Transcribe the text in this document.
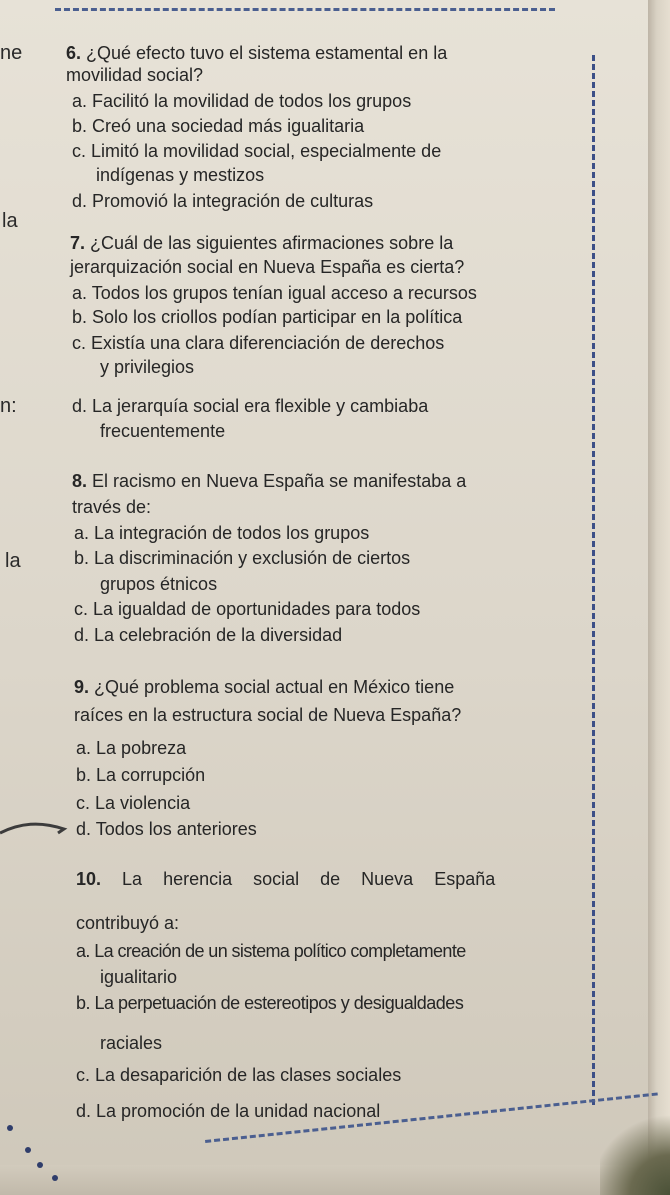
ne
la
n:
la
6. ¿Qué efecto tuvo el sistema estamental en la
movilidad social?
a. Facilitó la movilidad de todos los grupos
b. Creó una sociedad más igualitaria
c. Limitó la movilidad social, especialmente de
indígenas y mestizos
d. Promovió la integración de culturas
7. ¿Cuál de las siguientes afirmaciones sobre la
jerarquización social en Nueva España es cierta?
a. Todos los grupos tenían igual acceso a recursos
b. Solo los criollos podían participar en la política
c. Existía una clara diferenciación de derechos
y privilegios
d. La jerarquía social era flexible y cambiaba
frecuentemente
8. El racismo en Nueva España se manifestaba a
través de:
a. La integración de todos los grupos
b. La discriminación y exclusión de ciertos
grupos étnicos
c. La igualdad de oportunidades para todos
d. La celebración de la diversidad
9. ¿Qué problema social actual en México tiene
raíces en la estructura social de Nueva España?
a. La pobreza
b. La corrupción
c. La violencia
d. Todos los anteriores
10. La herencia social de Nueva España
contribuyó a:
a. La creación de un sistema político completamente
igualitario
b. La perpetuación de estereotipos y desigualdades
raciales
c. La desaparición de las clases sociales
d. La promoción de la unidad nacional
